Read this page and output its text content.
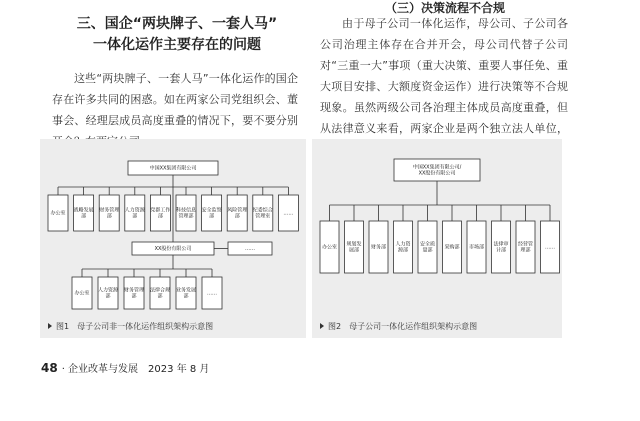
三、国企“两块牌子、一套人马”
一体化运作主要存在的问题

这些“两块牌子、一套人马”一体化运作的国企存在许多共同的困惑。如在两家公司党组织会、董事会、经理层成员高度重叠的情况下，要不要分别

（三）决策流程不合规

由于母子公司一体化运作，母公司、子公司各公司治理主体存在合并开会，母公司代替子公司对“三重一大”事项（重大决策、重要人事任免、重大项目安排、大额度资金运作）进行决策等不合规现象。虽然两级公司各治理主体成员高度重叠，但从法律意义来看，两家企业是两个独立法人单位，

中国XX集团有限公司
办公室 战略发展
部
财务管理
部
人力资源
部
党群工作
部
科技信息
管理部
安全监察
部
风险管理
部
纪委综合
管理室	……
XX股份有限公司	……
办公室 人力资源
部
财务管理
部
法律合规
部
业务发展
部	……
图1　母子公司非一体化运作组织架构示意图
中国XX集团有限公司/
XX股份有限公司
办公室 规划发
展部 财务部 人力资
源部
安全质
量部 采购部 市场部 法律审
计部
经营管
理部	……
图2　母子公司一体化运作组织架构示意图
48 · 企业改革与发展　2023 年 8 月
